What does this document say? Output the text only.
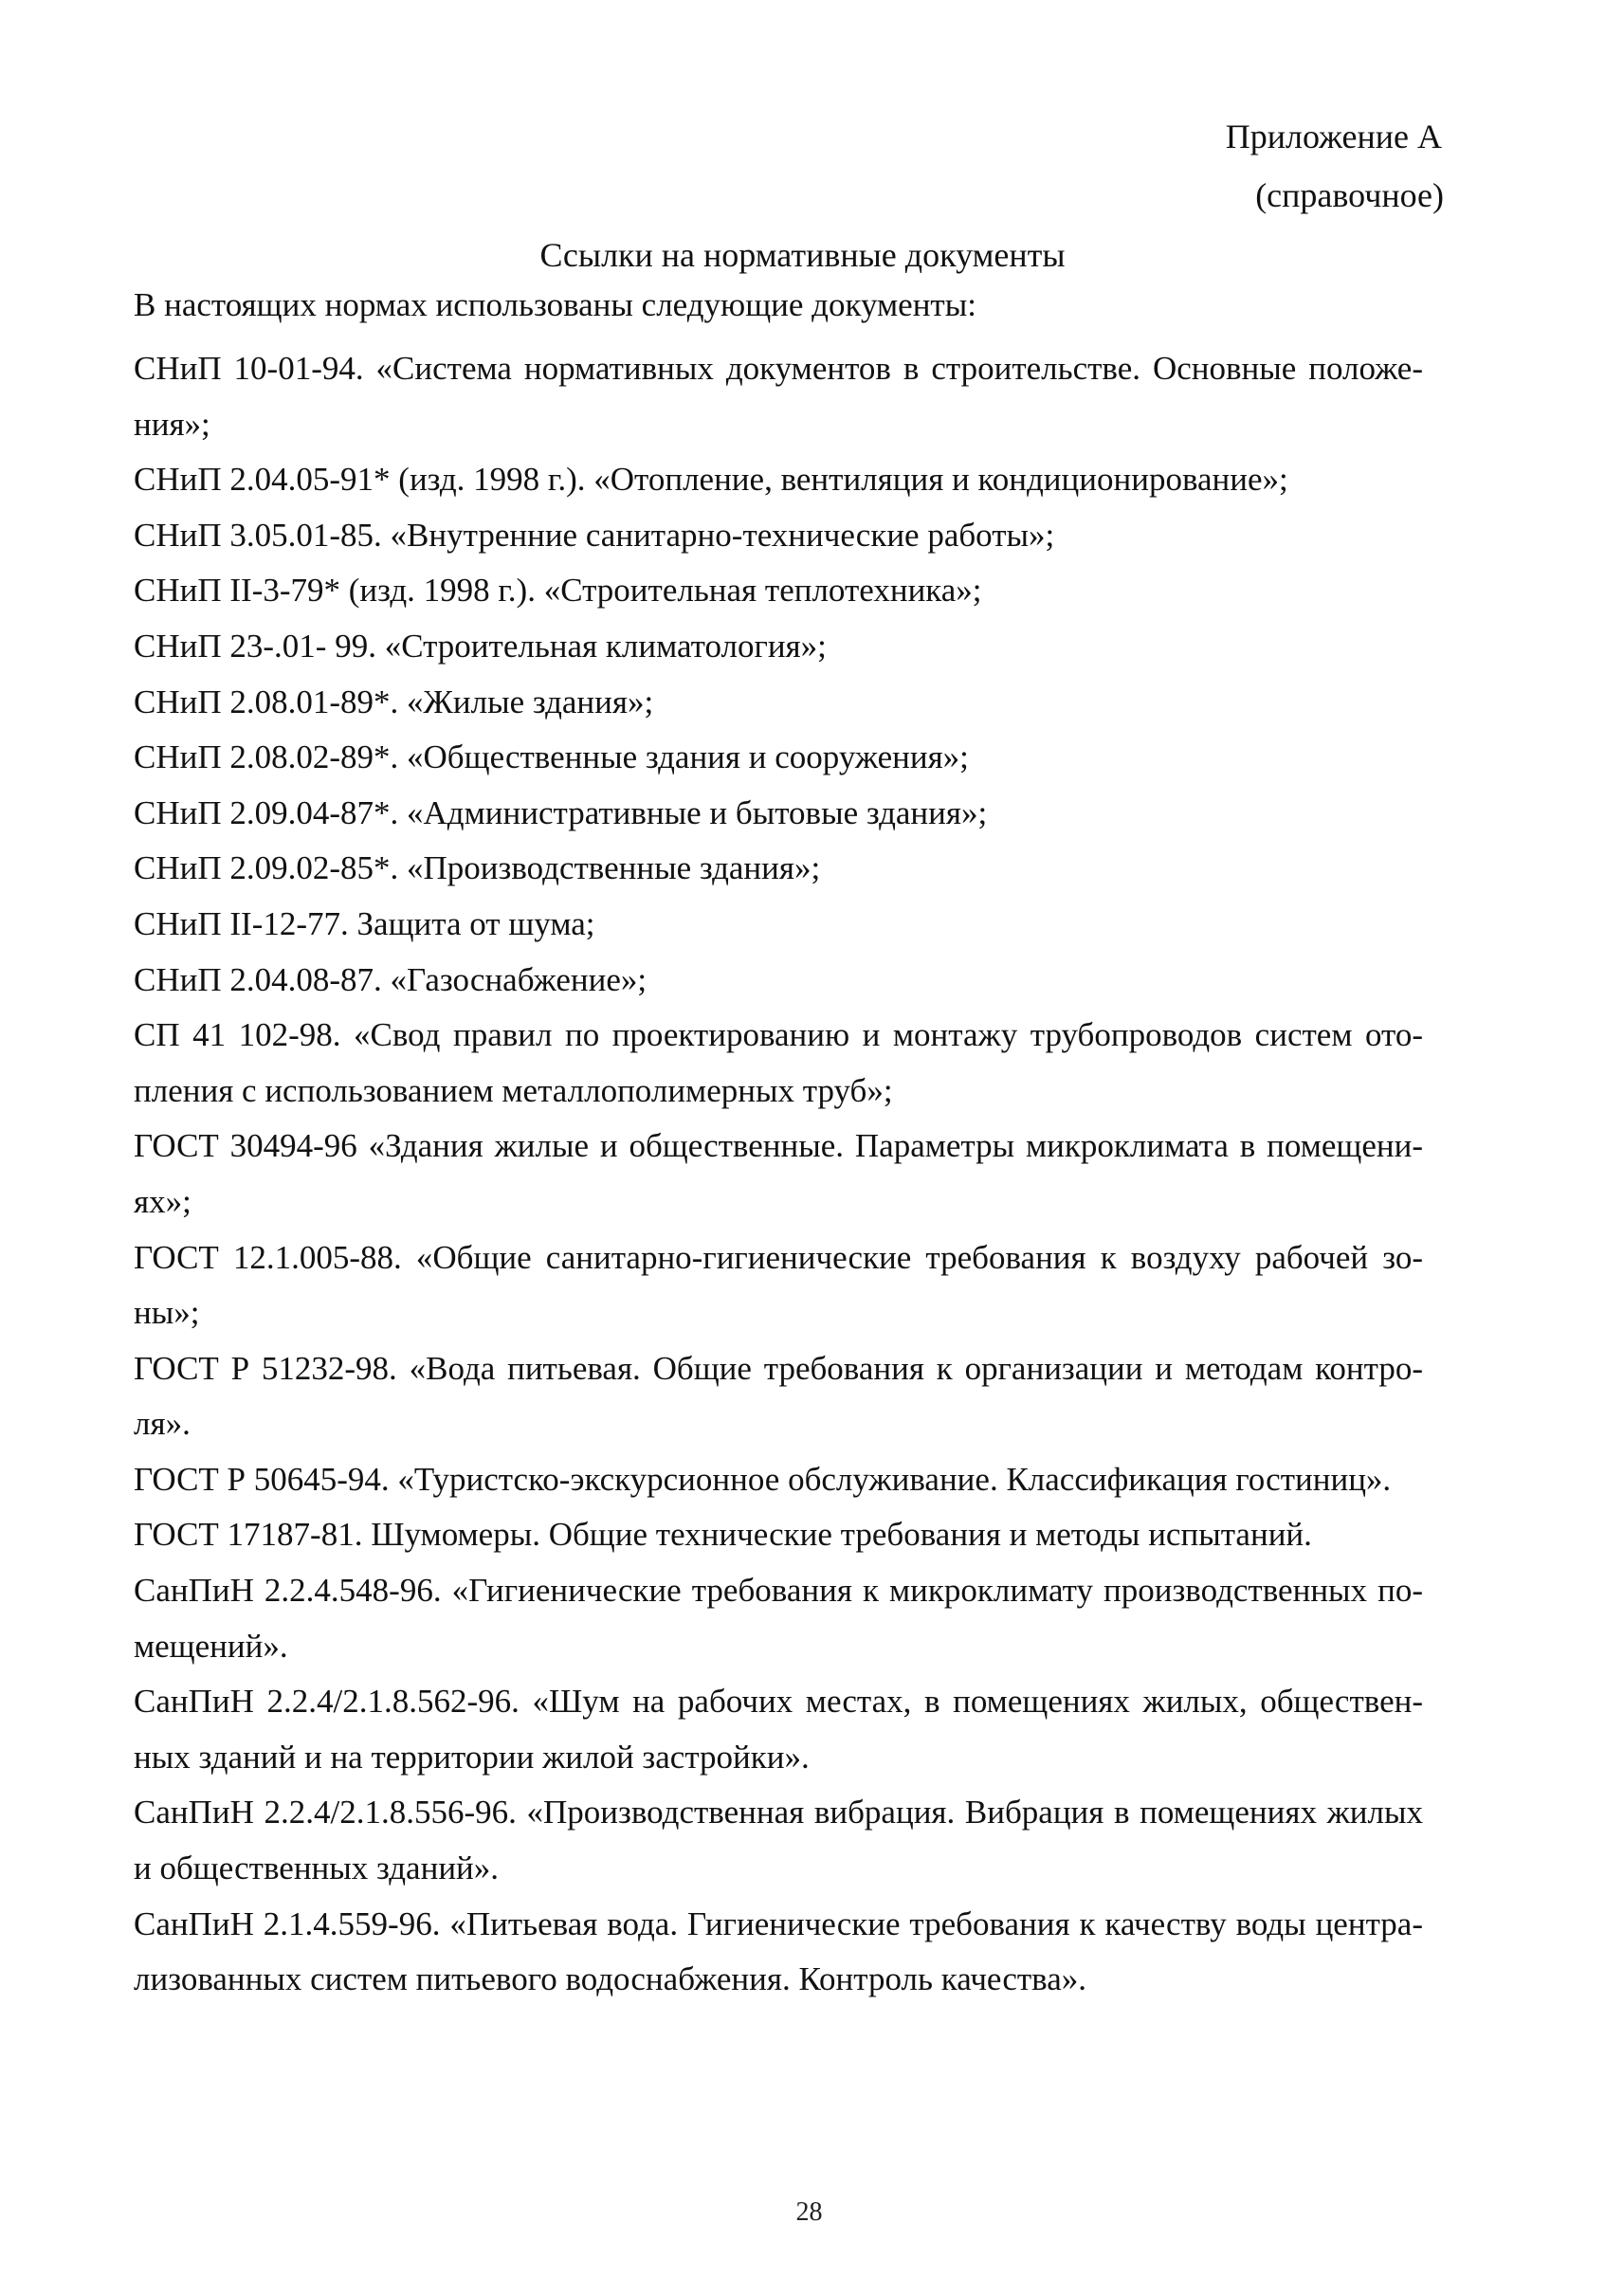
Приложение А
(справочное)
Ссылки на нормативные документы
В настоящих нормах использованы следующие документы:
СНиП 10-01-94. «Система нормативных документов в строительстве. Основные положе-
ния»;
СНиП 2.04.05-91* (изд. 1998 г.). «Отопление, вентиляция и кондиционирование»;
СНиП 3.05.01-85. «Внутренние санитарно-технические работы»;
СНиП II-3-79* (изд. 1998 г.). «Строительная теплотехника»;
СНиП 23-.01- 99. «Строительная климатология»;
СНиП 2.08.01-89*. «Жилые здания»;
СНиП 2.08.02-89*. «Общественные здания и сооружения»;
СНиП 2.09.04-87*. «Административные и бытовые здания»;
СНиП 2.09.02-85*. «Производственные здания»;
СНиП II-12-77. Защита от шума;
СНиП 2.04.08-87. «Газоснабжение»;
СП 41 102-98. «Свод правил по проектированию и монтажу трубопроводов систем ото-
пления с использованием металлополимерных труб»;
ГОСТ 30494-96 «Здания жилые и общественные. Параметры микроклимата в помещени-
ях»;
ГОСТ 12.1.005-88. «Общие санитарно-гигиенические требования к воздуху рабочей зо-
ны»;
ГОСТ Р 51232-98. «Вода питьевая. Общие требования к организации и методам контро-
ля».
ГОСТ Р 50645-94. «Туристско-экскурсионное обслуживание. Классификация гостиниц».
ГОСТ 17187-81. Шумомеры. Общие технические требования и методы испытаний.
СанПиН 2.2.4.548-96. «Гигиенические требования к микроклимату производственных по-
мещений».
СанПиН 2.2.4/2.1.8.562-96. «Шум на рабочих местах, в помещениях жилых, обществен-
ных зданий и на территории жилой застройки».
СанПиН 2.2.4/2.1.8.556-96. «Производственная вибрация. Вибрация в помещениях жилых
и общественных зданий».
СанПиН 2.1.4.559-96. «Питьевая вода. Гигиенические требования к качеству воды центра-
лизованных систем питьевого водоснабжения. Контроль качества».
28
